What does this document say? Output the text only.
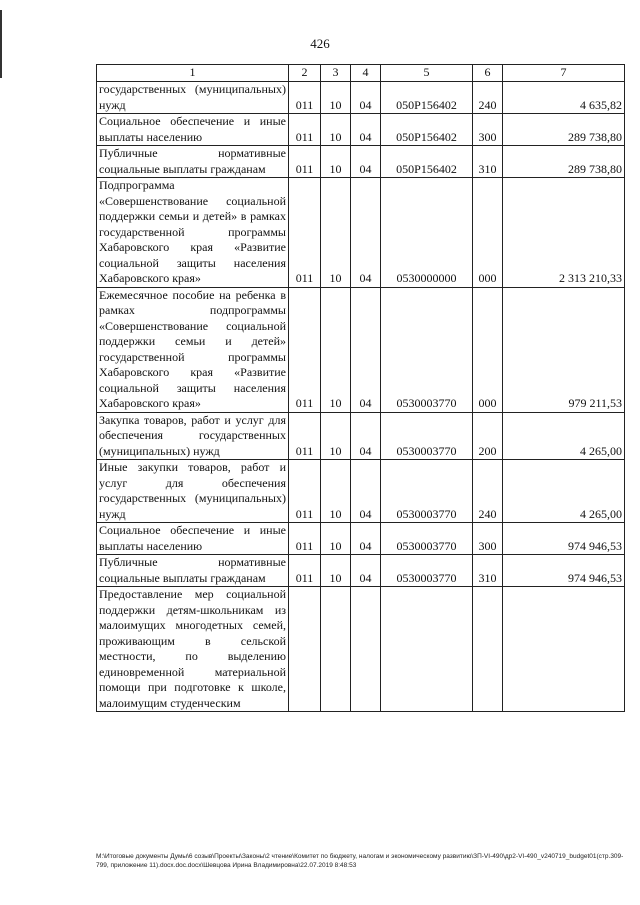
426
1	2	3	4	5	6	7
государственных (муниципальных) нужд	011	10	04	050P156402	240	4 635,82
Социальное обеспечение и иные выплаты населению	011	10	04	050P156402	300	289 738,80
Публичные нормативные социальные выплаты гражданам	011	10	04	050P156402	310	289 738,80
Подпрограмма «Совершенствование социальной поддержки семьи и детей» в рамках государственной программы Хабаровского края «Развитие социальной защиты населения Хабаровского края»	011	10	04	0530000000	000	2 313 210,33
Ежемесячное пособие на ребенка в рамках подпрограммы «Совершенствование социальной поддержки семьи и детей» государственной программы Хабаровского края «Развитие социальной защиты населения Хабаровского края»	011	10	04	0530003770	000	979 211,53
Закупка товаров, работ и услуг для обеспечения государственных (муниципальных) нужд	011	10	04	0530003770	200	4 265,00
Иные закупки товаров, работ и услуг для обеспечения государственных (муниципальных) нужд	011	10	04	0530003770	240	4 265,00
Социальное обеспечение и иные выплаты населению	011	10	04	0530003770	300	974 946,53
Публичные нормативные социальные выплаты гражданам	011	10	04	0530003770	310	974 946,53
Предоставление мер социальной поддержки детям-школьникам из малоимущих многодетных семей, проживающим в сельской местности, по выделению единовременной материальной помощи при подготовке к школе, малоимущим студенческим						
M:\Итоговые документы Думы\6 созыв\Проекты\Законы\2 чтение\Комитет по бюджету, налогам и экономическому развитию\ЗП-VI-490\др2-VI-490_v240719_budget01(стр.309-799, приложение 11).docx.doc.docx\Шевцова Ирина Владимировна\22.07.2019 8:48:53
